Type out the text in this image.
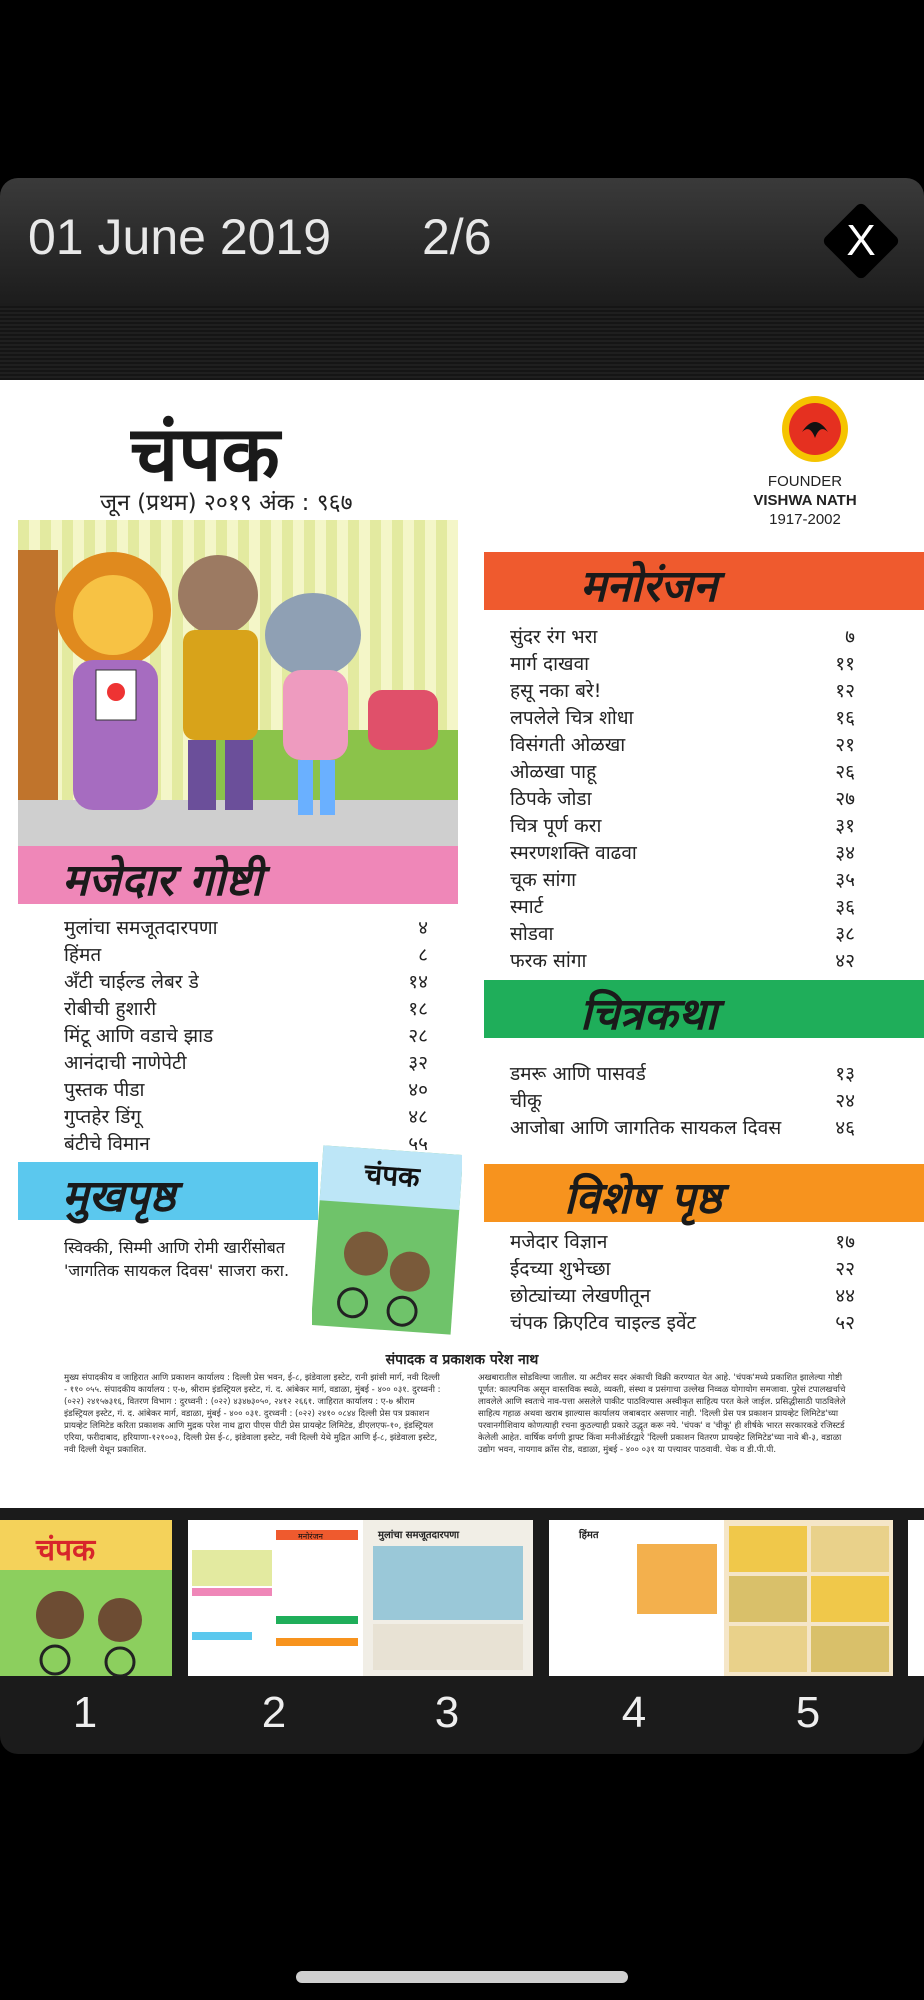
01 June 2019 2/6	X
चंपक
जून (प्रथम) २०१९ अंक : ९६७
FOUNDER
VISHWA NATH
1917-2002
मजेदार गोष्टी
मुलांचा समजूतदारपणा	४
हिंमत	८
अँटी चाईल्ड लेबर डे	१४
रोबीची हुशारी	१८
मिंटू आणि वडाचे झाड	२८
आनंदाची नाणेपेटी	३२
पुस्तक पीडा	४०
गुप्तहेर डिंगू	४८
बंटीचे विमान	५५
मुखपृष्ठ
स्विक्की, सिम्मी आणि रोमी खारींसोबत 'जागतिक सायकल दिवस' साजरा करा.
चंपक
मनोरंजन
सुंदर रंग भरा	७
मार्ग दाखवा	११
हसू नका बरे!	१२
लपलेले चित्र शोधा	१६
विसंगती ओळखा	२१
ओळखा पाहू	२६
ठिपके जोडा	२७
चित्र पूर्ण करा	३१
स्मरणशक्ति वाढवा	३४
चूक सांगा	३५
स्मार्ट	३६
सोडवा	३८
फरक सांगा	४२
चित्रकथा
डमरू आणि पासवर्ड	१३
चीकू	२४
आजोबा आणि जागतिक सायकल दिवस	४६
विशेष पृष्ठ
मजेदार विज्ञान	१७
ईदच्या शुभेच्छा	२२
छोट्यांच्या लेखणीतून	४४
चंपक क्रिएटिव चाइल्ड इवेंट	५२
संपादक व प्रकाशक परेश नाथ
मुख्य संपादकीय व जाहिरात आणि प्रकाशन कार्यालय : दिल्ली प्रेस भवन, ई-८, झंडेवाला इस्टेट, रानी झांसी मार्ग, नवी दिल्ली - ११० ०५५. संपादकीय कार्यालय : ए-७, श्रीराम इंडस्ट्रियल इस्टेट, गं. द. आंबेकर मार्ग, वडाळा, मुंबई - ४०० ०३१. दुरध्वनी : (०२२) २४१५७३१६, वितरण विभाग : दुरध्वनी : (०२२) ४३४७३०५०, २४१२ २६६१. जाहिरात कार्यालय : ए-७ श्रीराम इंडस्ट्रियल इस्टेट, गं. द. आंबेकर मार्ग, वडाळा, मुंबई - ४०० ०३१. दुरध्वनी : (०२२) २४१० ०८४४ दिल्ली प्रेस पत्र प्रकाशन प्रायव्हेट लिमिटेड करिता प्रकाशक आणि मुद्रक परेश नाथ द्वारा पीएस पीटी प्रेस प्रायव्हेट लिमिटेड, डीएलएफ-१०, इंडस्ट्रियल एरिया, फरीदाबाद, हरियाणा-१२१००३, दिल्ली प्रेस ई-८, झंडेवाला इस्टेट, नवी दिल्ली येथे मुद्रित आणि ई-८, झंडेवाला इस्टेट, नवी दिल्ली येथून प्रकाशित.
अखबारातील सोडविल्या जातील. या अटीवर सदर अंकाची विक्री करण्यात येत आहे. 'चंपक'मध्ये प्रकाशित झालेल्या गोष्टी पूर्णत: काल्पनिक असून वास्तविक स्थळे, व्यक्ती, संस्था व प्रसंगाचा उल्लेख निव्वळ योगायोग समजावा. पुरेसं टपालखर्चाचे लावलेले आणि स्वतःचे नाव-पत्ता असलेले पाकीट पाठविल्यास अस्वीकृत साहित्य परत केले जाईल. प्रसिद्धीसाठी पाठविलेले साहित्य गहाळ अथवा खराब झाल्यास कार्यालय जबाबदार असणार नाही. 'दिल्ली प्रेस पत्र प्रकाशन प्रायव्हेट लिमिटेड'च्या परवानगीशिवाय कोणत्याही रचना कुठल्याही प्रकारे उद्धृत करू नये. 'चंपक' व 'चीकू' ही शीर्षके भारत सरकारकडे रजिस्टर्ड केलेली आहेत. वार्षिक वर्गणी ड्राफ्ट किंवा मनीऑर्डरद्वारे 'दिल्ली प्रकाशन वितरण प्रायव्हेट लिमिटेड'च्या नावे बी-३, वडाळा उद्योग भवन, नायगाव क्रॉस रोड, वडाळा, मुंबई - ४०० ०३१ या पत्त्यावर पाठवावी. चेक व डी.पी.पी.
चंपक	मनोरंजन	मुलांचा समजूतदारपणा	हिंमत
1	2	3	4	5
